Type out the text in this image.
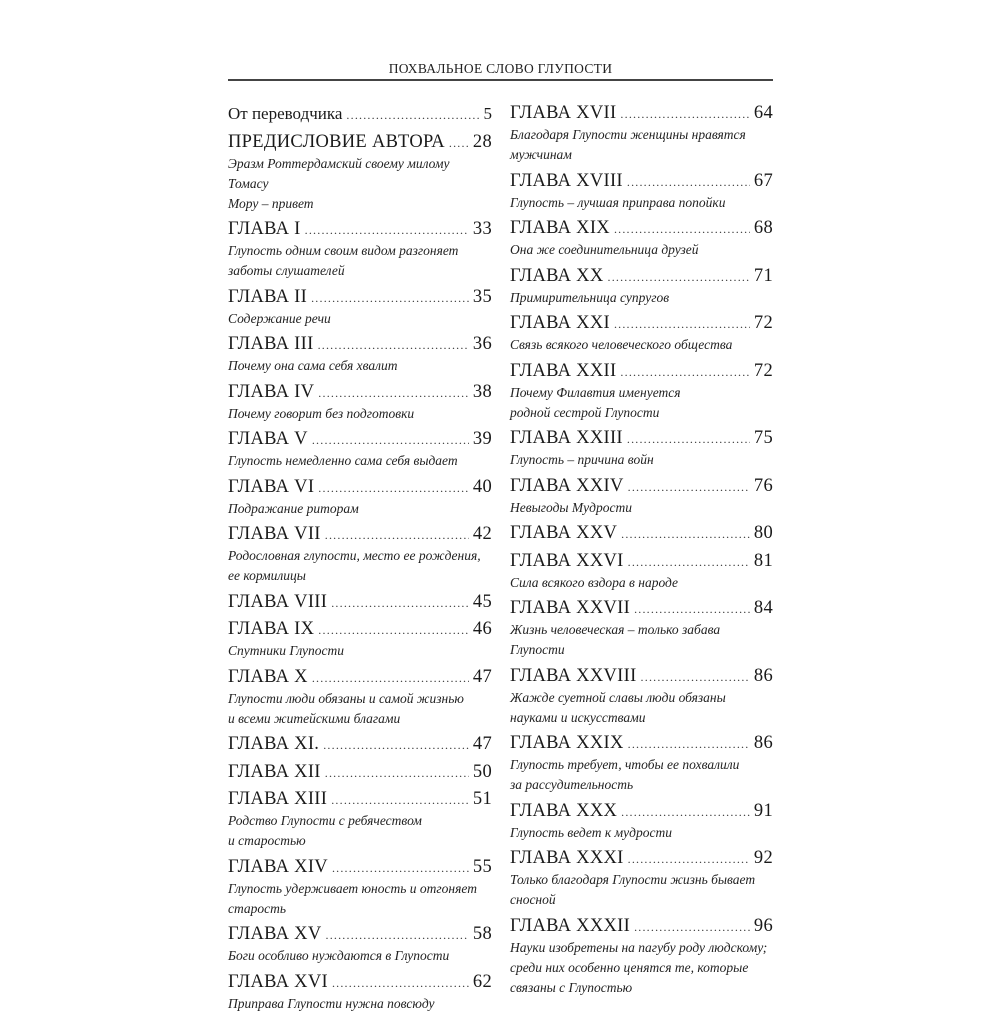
ПОХВАЛЬНОЕ СЛОВО ГЛУПОСТИ
От переводчика .....	5
ПРЕДИСЛОВИЕ АВТОРА ..... 28
Эразм Роттердамский своему милому Томасу
Мору – привет
ГЛАВА I .....	33
Глупость одним своим видом разгоняет
заботы слушателей
ГЛАВА II .....	35
Содержание речи
ГЛАВА III .....	36
Почему она сама себя хвалит
ГЛАВА IV .....	38
Почему говорит без подготовки
ГЛАВА V .....	39
Глупость немедленно сама себя выдает
ГЛАВА VI .....	40
Подражание риторам
ГЛАВА VII .....	42
Родословная глупости, место ее рождения,
ее кормилицы
ГЛАВА VIII .....	45
ГЛАВА IX .....	46
Спутники Глупости
ГЛАВА X .....	47
Глупости люди обязаны и самой жизнью
и всеми житейскими благами
ГЛАВА XI. .....	47
ГЛАВА XII .....	50
ГЛАВА XIII .....	51
Родство Глупости с ребячеством
и старостью
ГЛАВА XIV .....	55
Глупость удерживает юность и отгоняет
старость
ГЛАВА XV .....	58
Боги особливо нуждаются в Глупости
ГЛАВА XVI .....	62
Приправа Глупости нужна повсюду
ГЛАВА XVII .....	64
Благодаря Глупости женщины нравятся
мужчинам
ГЛАВА XVIII .....	67
Глупость – лучшая приправа попойки
ГЛАВА XIX .....	68
Она же соединительница друзей
ГЛАВА XX .....	71
Примирительница супругов
ГЛАВА XXI .....	72
Связь всякого человеческого общества
ГЛАВА XXII .....	72
Почему Филавтия именуется
родной сестрой Глупости
ГЛАВА XXIII .....	75
Глупость – причина войн
ГЛАВА XXIV .....	76
Невыгоды Мудрости
ГЛАВА XXV .....	80
ГЛАВА XXVI .....	81
Сила всякого вздора в народе
ГЛАВА XXVII .....	84
Жизнь человеческая – только забава
Глупости
ГЛАВА XXVIII .....	86
Жажде суетной славы люди обязаны
науками и искусствами
ГЛАВА XXIX .....	86
Глупость требует, чтобы ее похвалили
за рассудительность
ГЛАВА XXX .....	91
Глупость ведет к мудрости
ГЛАВА XXXI .....	92
Только благодаря Глупости жизнь бывает
сносной
ГЛАВА XXXII .....	96
Науки изобретены на пагубу роду людскому;
среди них особенно ценятся те, которые
связаны с Глупостью
